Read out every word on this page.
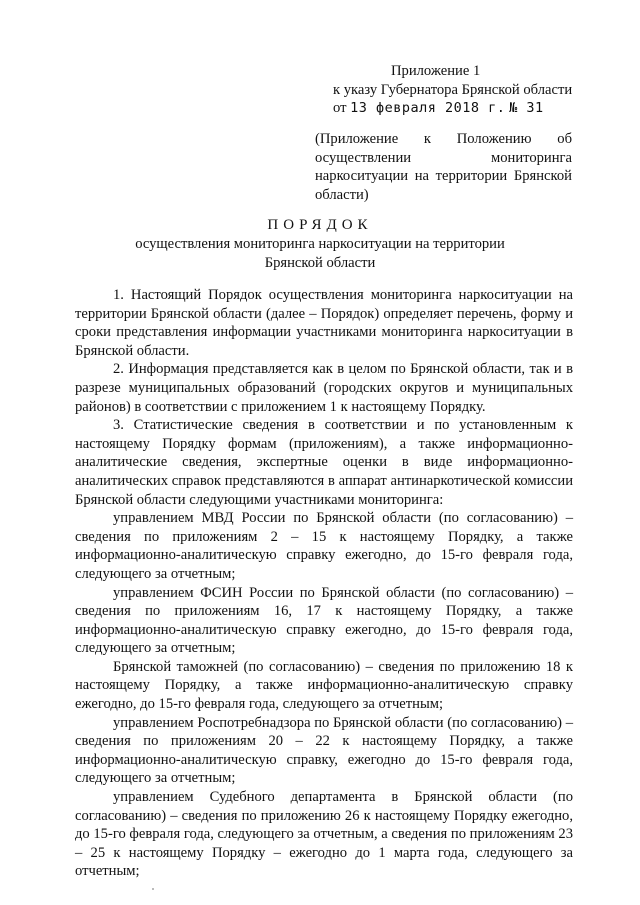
Приложение 1
к указу Губернатора Брянской области
от 13 февраля 2018 г. № 31
(Приложение к Положению об осуществлении мониторинга наркоситуации на территории Брянской области)
ПОРЯДОК
осуществления мониторинга наркоситуации на территории
Брянской области

1. Настоящий Порядок осуществления мониторинга наркоситуации на территории Брянской области (далее – Порядок) определяет перечень, форму и сроки представления информации участниками мониторинга наркоситуации в Брянской области.

2. Информация представляется как в целом по Брянской области, так и в разрезе муниципальных образований (городских округов и муниципальных районов) в соответствии с приложением 1 к настоящему Порядку.

3. Статистические сведения в соответствии и по установленным к настоящему Порядку формам (приложениям), а также информационно-аналитические сведения, экспертные оценки в виде информационно-аналитических справок представляются в аппарат антинаркотической комиссии Брянской области следующими участниками мониторинга:

управлением МВД России по Брянской области (по согласованию) – сведения по приложениям 2 – 15 к настоящему Порядку, а также информационно-аналитическую справку ежегодно, до 15-го февраля года, следующего за отчетным;

управлением ФСИН России по Брянской области (по согласованию) – сведения по приложениям 16, 17 к настоящему Порядку, а также информационно-аналитическую справку ежегодно, до 15-го февраля года, следующего за отчетным;

Брянской таможней (по согласованию) – сведения по приложению 18 к настоящему Порядку, а также информационно-аналитическую справку ежегодно, до 15-го февраля года, следующего за отчетным;

управлением Роспотребнадзора по Брянской области (по согласованию) – сведения по приложениям 20 – 22 к настоящему Порядку, а также информационно-аналитическую справку, ежегодно до 15-го февраля года, следующего за отчетным;

управлением Судебного департамента в Брянской области (по согласованию) – сведения по приложению 26 к настоящему Порядку ежегодно, до 15-го февраля года, следующего за отчетным, а сведения по приложениям 23 – 25 к настоящему Порядку – ежегодно до 1 марта года, следующего за отчетным;
